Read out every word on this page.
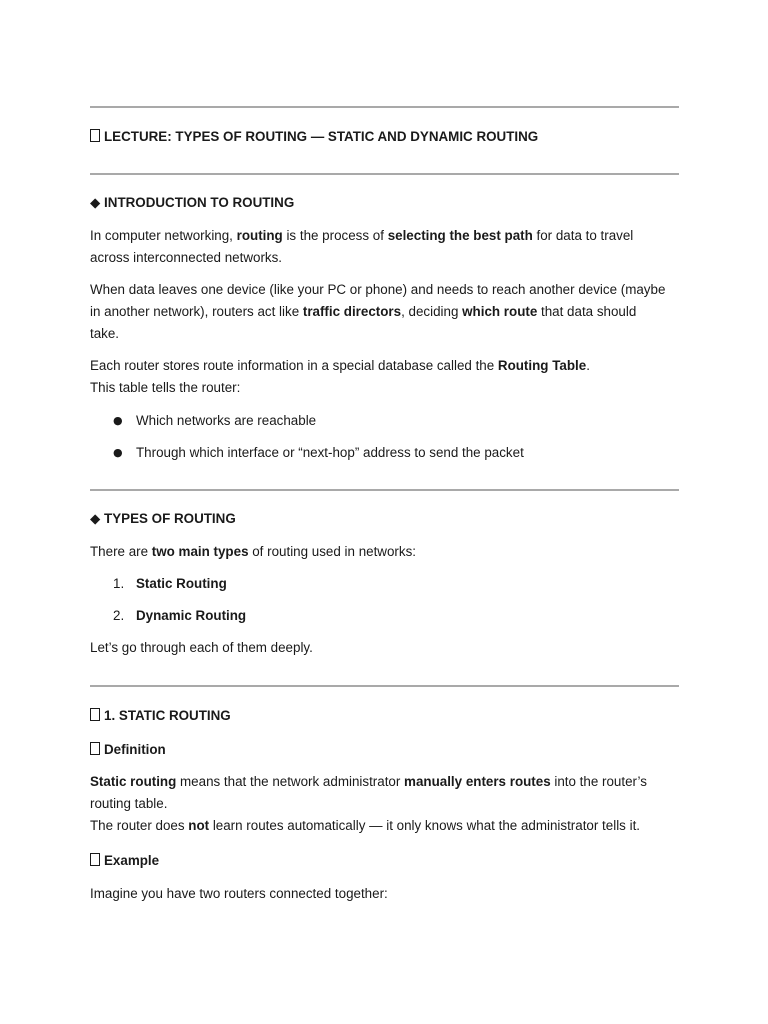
LECTURE: TYPES OF ROUTING — STATIC AND DYNAMIC ROUTING
◆ INTRODUCTION TO ROUTING
In computer networking, routing is the process of selecting the best path for data to travel
across interconnected networks.
When data leaves one device (like your PC or phone) and needs to reach another device (maybe
in another network), routers act like traffic directors, deciding which route that data should
take.
Each router stores route information in a special database called the Routing Table.
This table tells the router:
● Which networks are reachable
● Through which interface or “next-hop” address to send the packet
◆ TYPES OF ROUTING
There are two main types of routing used in networks:
1. Static Routing
2. Dynamic Routing
Let’s go through each of them deeply.
1. STATIC ROUTING
Definition
Static routing means that the network administrator manually enters routes into the router’s
routing table.
The router does not learn routes automatically — it only knows what the administrator tells it.
Example
Imagine you have two routers connected together:
